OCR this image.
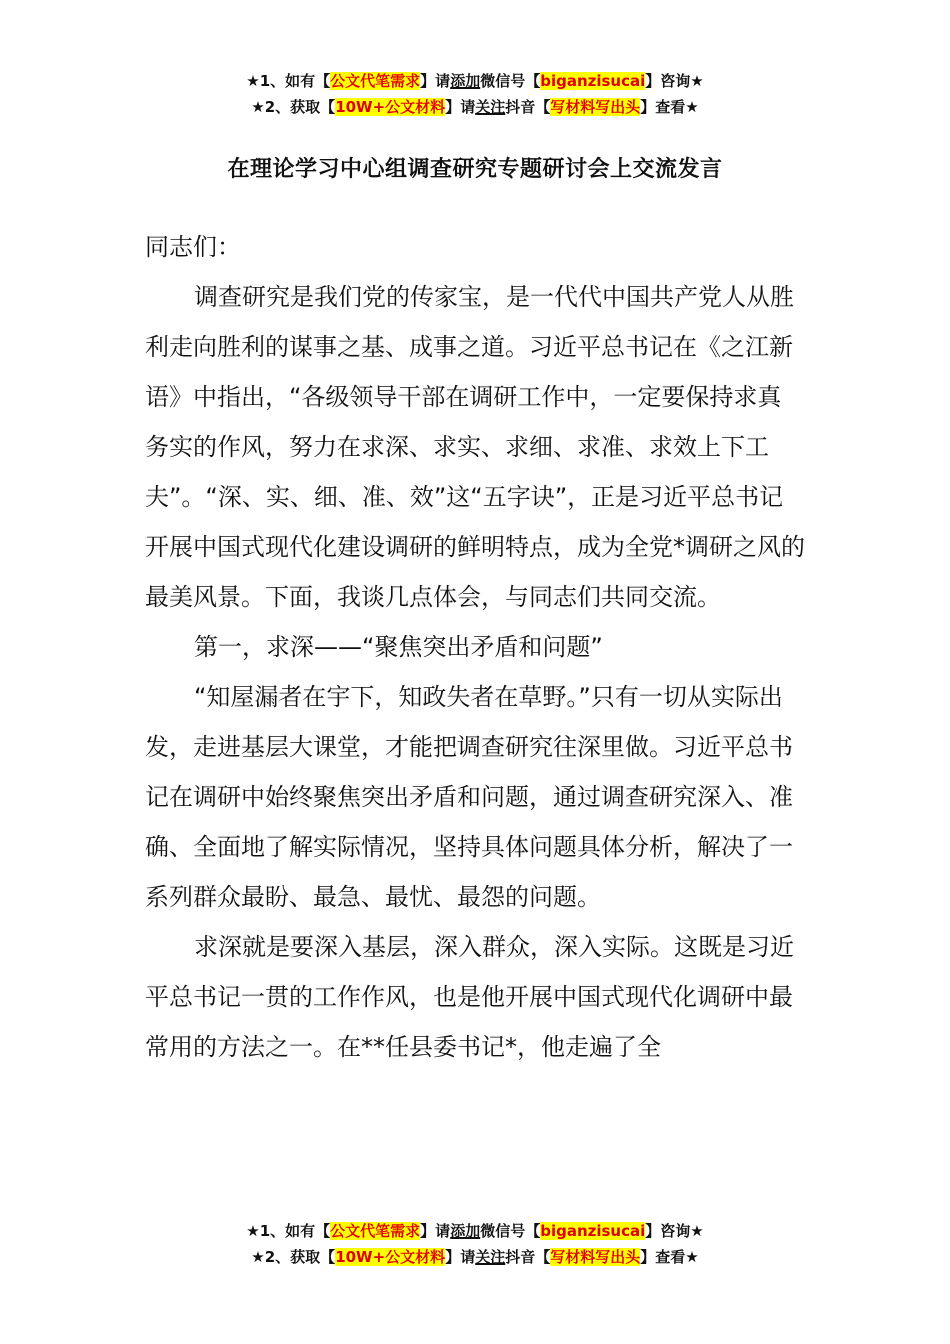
★1、如有【公文代笔需求】请添加微信号【biganzisucai】咨询★
★2、获取【10W+公文材料】请关注抖音【写材料写出头】查看★
在理论学习中心组调查研究专题研讨会上交流发言

同志们：

调查研究是我们党的传家宝，是一代代中国共产党人从胜利走向胜利的谋事之基、成事之道。习近平总书记在《之江新语》中指出，“各级领导干部在调研工作中，一定要保持求真务实的作风，努力在求深、求实、求细、求准、求效上下工夫”。“深、实、细、准、效”这“五字诀”，正是习近平总书记开展中国式现代化建设调研的鲜明特点，成为全党*调研之风的最美风景。下面，我谈几点体会，与同志们共同交流。

第一，求深——“聚焦突出矛盾和问题”

“知屋漏者在宇下，知政失者在草野。”只有一切从实际出发，走进基层大课堂，才能把调查研究往深里做。习近平总书记在调研中始终聚焦突出矛盾和问题，通过调查研究深入、准确、全面地了解实际情况，坚持具体问题具体分析，解决了一系列群众最盼、最急、最忧、最怨的问题。

求深就是要深入基层，深入群众，深入实际。这既是习近平总书记一贯的工作作风，也是他开展中国式现代化调研中最常用的方法之一。在**任县委书记*，他走遍了全

★1、如有【公文代笔需求】请添加微信号【biganzisucai】咨询★
★2、获取【10W+公文材料】请关注抖音【写材料写出头】查看★
